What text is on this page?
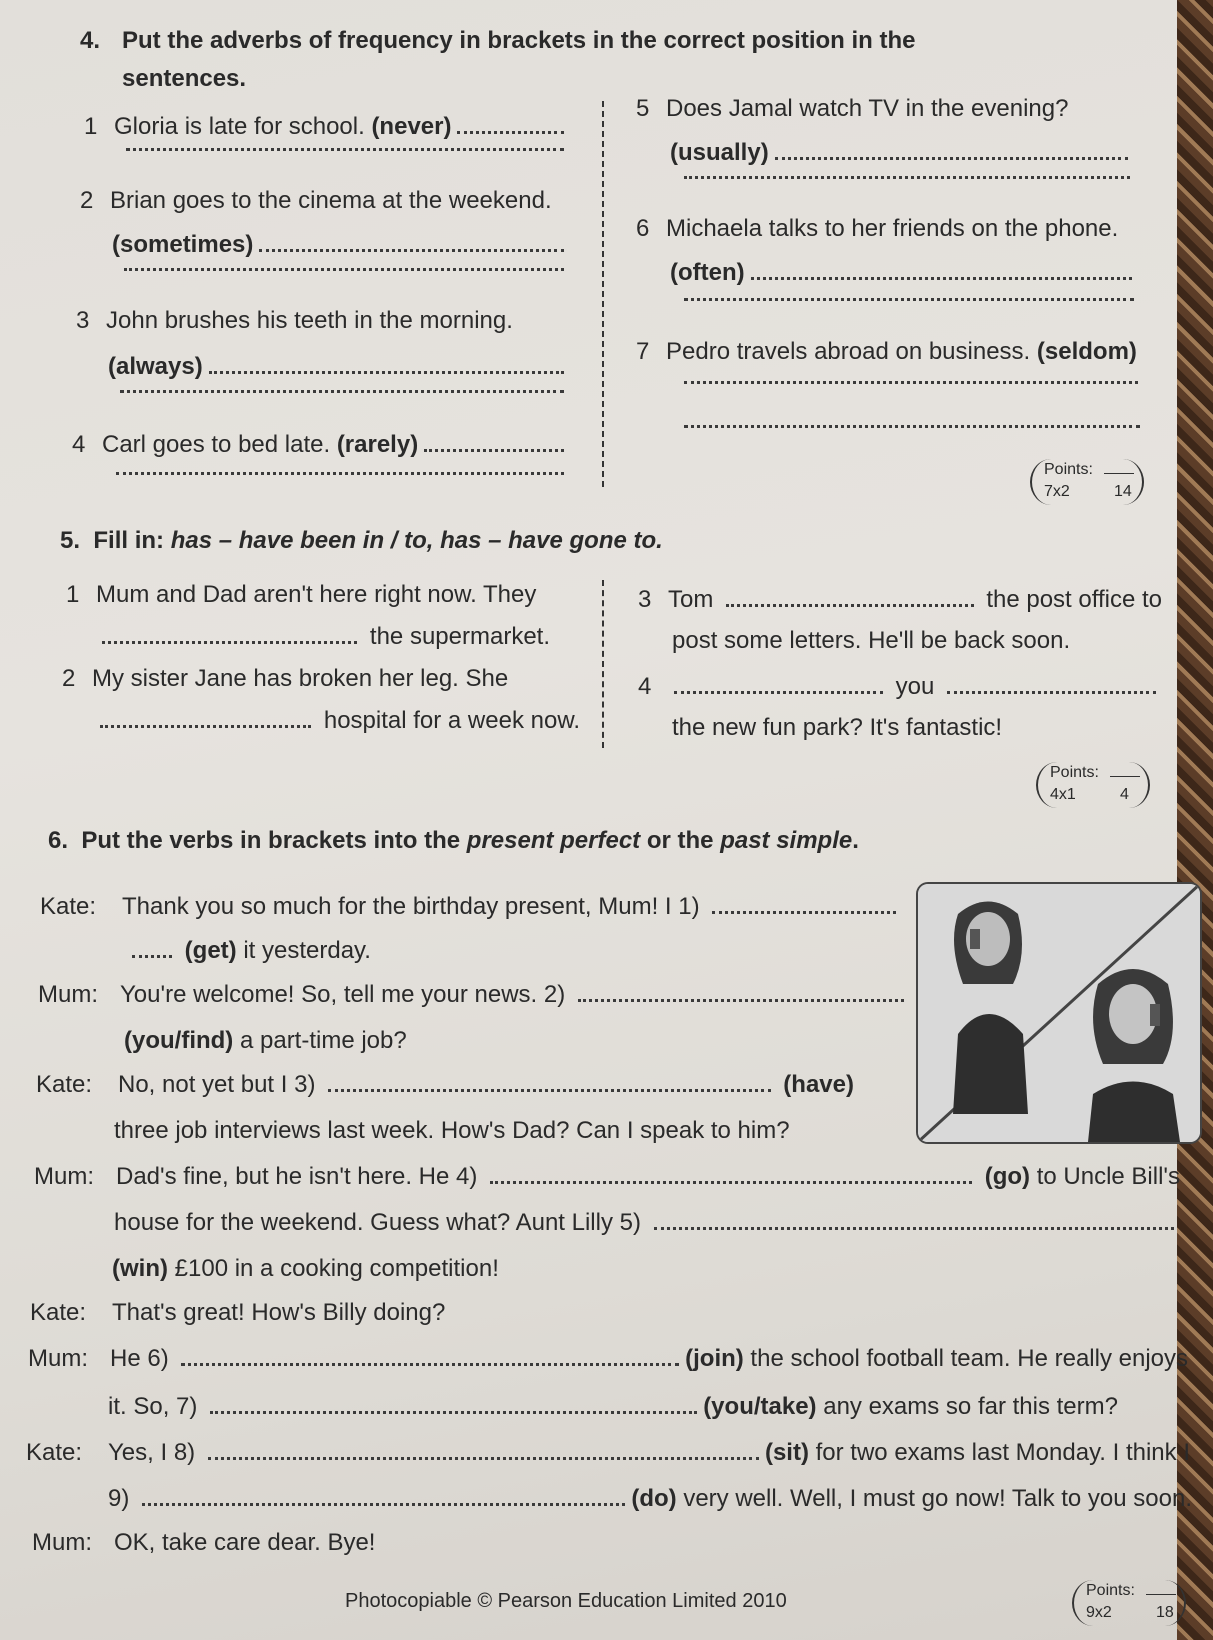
4. Put the adverbs of frequency in brackets in the correct position in the
sentences.
1 Gloria is late for school. (never)
2 Brian goes to the cinema at the weekend.
(sometimes)
3 John brushes his teeth in the morning.
(always)
4 Carl goes to bed late. (rarely)
5 Does Jamal watch TV in the evening?
(usually)
6 Michaela talks to her friends on the phone.
(often)
7 Pedro travels abroad on business. (seldom)
Points:
7x2	14
5. Fill in: has – have been in / to, has – have gone to.
1 Mum and Dad aren't here right now. They
the supermarket.
2 My sister Jane has broken her leg. She
hospital for a week now.
3 Tom	the post office to
post some letters. He'll be back soon.
4	you
the new fun park? It's fantastic!
Points:
4x1	4
6.  Put the verbs in brackets into the present perfect or the past simple .
Kate:	Thank you so much for the birthday present, Mum! I 1)
(get) it yesterday.
Mum: You're welcome! So, tell me your news. 2)
(you/find) a part-time job?
Kate:	No, not yet but I 3)	(have)
three job interviews last week. How's Dad? Can I speak to him?
Mum: Dad's fine, but he isn't here. He 4)	(go) to Uncle Bill's
house for the weekend. Guess what? Aunt Lilly 5)
(win) £100 in a cooking competition!
Kate:	That's great! How's Billy doing?
Mum: He 6)	(join) the school football team. He really enjoys
it. So, 7)	(you/take) any exams so far this term?
Kate:	Yes, I 8)	(sit) for two exams last Monday. I think I
9)	(do) very well. Well, I must go now! Talk to you soon.
Mum: OK, take care dear. Bye!
Photocopiable © Pearson Education Limited 2010	Points:
9x2	18
